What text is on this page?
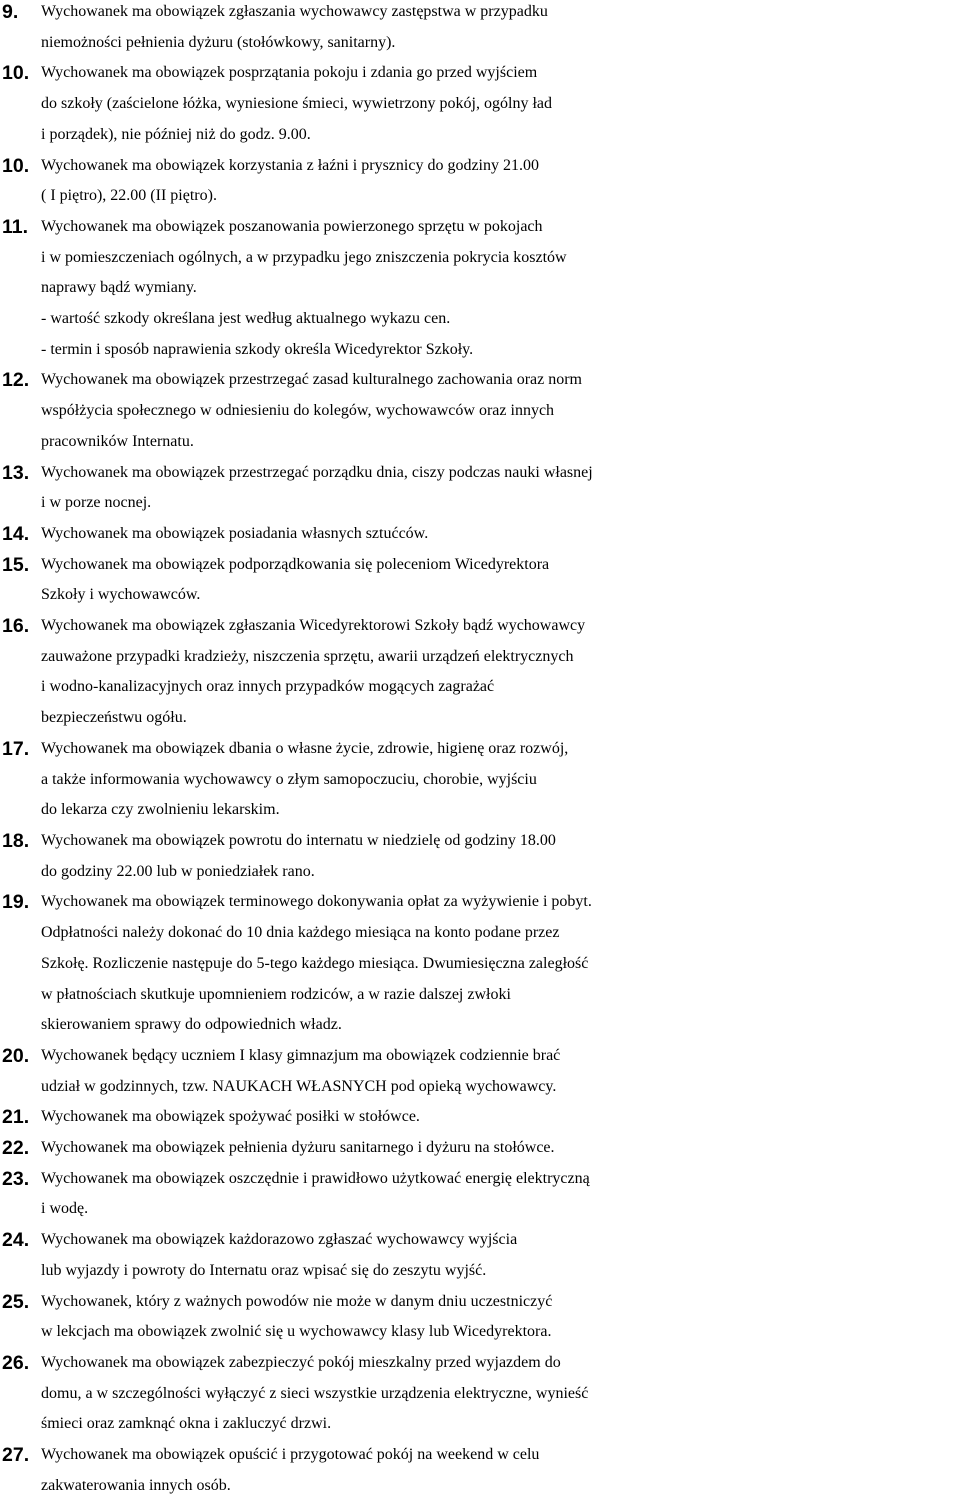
9. Wychowanek ma obowiązek zgłaszania wychowawcy zastępstwa w przypadku
niemożności pełnienia dyżuru (stołówkowy, sanitarny).
10. Wychowanek ma obowiązek posprzątania pokoju i zdania go przed wyjściem
do szkoły (zaścielone łóżka, wyniesione śmieci, wywietrzony pokój, ogólny ład
i porządek), nie później niż do godz. 9.00.
10. Wychowanek ma obowiązek korzystania z łaźni i prysznicy do godziny 21.00
( I piętro), 22.00 (II piętro).
11. Wychowanek ma obowiązek poszanowania powierzonego sprzętu w pokojach
i w pomieszczeniach ogólnych, a w przypadku jego zniszczenia pokrycia kosztów
naprawy bądź wymiany.
- wartość szkody określana jest według aktualnego wykazu cen.
- termin i sposób naprawienia szkody określa Wicedyrektor Szkoły.
12. Wychowanek ma obowiązek przestrzegać zasad kulturalnego zachowania oraz norm
współżycia społecznego w odniesieniu do kolegów, wychowawców oraz innych
pracowników Internatu.
13. Wychowanek ma obowiązek przestrzegać porządku dnia, ciszy podczas nauki własnej
i w porze nocnej.
14. Wychowanek ma obowiązek posiadania własnych sztućców.
15. Wychowanek ma obowiązek podporządkowania się poleceniom Wicedyrektora
Szkoły i wychowawców.
16. Wychowanek ma obowiązek zgłaszania Wicedyrektorowi Szkoły bądź wychowawcy
zauważone przypadki kradzieży, niszczenia sprzętu, awarii urządzeń elektrycznych
i wodno-kanalizacyjnych oraz innych przypadków mogących zagrażać
bezpieczeństwu ogółu.
17. Wychowanek ma obowiązek dbania o własne życie, zdrowie, higienę oraz rozwój,
a także informowania wychowawcy o złym samopoczuciu, chorobie, wyjściu
do lekarza czy zwolnieniu lekarskim.
18. Wychowanek ma obowiązek powrotu do internatu w niedzielę od godziny 18.00
do godziny 22.00 lub w poniedziałek rano.
19. Wychowanek ma obowiązek terminowego dokonywania opłat za wyżywienie i pobyt.
Odpłatności należy dokonać do 10 dnia każdego miesiąca na konto podane przez
Szkołę. Rozliczenie następuje do 5-tego każdego miesiąca. Dwumiesięczna zaległość
w płatnościach skutkuje upomnieniem rodziców, a w razie dalszej zwłoki
skierowaniem sprawy do odpowiednich władz.
20. Wychowanek będący uczniem I klasy gimnazjum ma obowiązek codziennie brać
udział w godzinnych, tzw. NAUKACH WŁASNYCH pod opieką wychowawcy.
21. Wychowanek ma obowiązek spożywać posiłki w stołówce.
22. Wychowanek ma obowiązek pełnienia dyżuru sanitarnego i dyżuru na stołówce.
23. Wychowanek ma obowiązek oszczędnie i prawidłowo użytkować energię elektryczną
i wodę.
24. Wychowanek ma obowiązek każdorazowo zgłaszać wychowawcy wyjścia
lub wyjazdy i powroty do Internatu oraz wpisać się do zeszytu wyjść.
25. Wychowanek, który z ważnych powodów nie może w danym dniu uczestniczyć
w lekcjach ma obowiązek zwolnić się u wychowawcy klasy lub Wicedyrektora.
26. Wychowanek ma obowiązek zabezpieczyć pokój mieszkalny przed wyjazdem do
domu, a w szczególności wyłączyć z sieci wszystkie urządzenia elektryczne, wynieść
śmieci oraz zamknąć okna i zakluczyć drzwi.
27. Wychowanek ma obowiązek opuścić i przygotować pokój na weekend w celu
zakwaterowania innych osób.
